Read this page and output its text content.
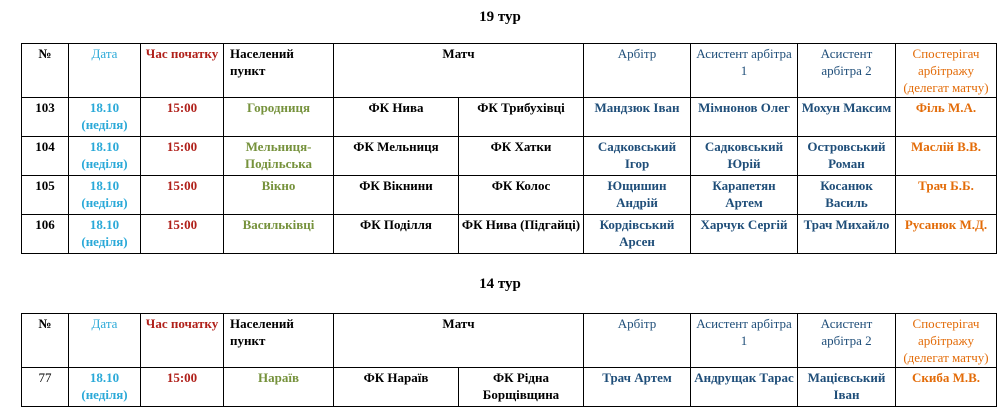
19 тур
№	Дата	Час початку	Населений пункт	Матч		Арбітр	Асистент арбітра 1	Асистент арбітра 2	Спостерігач арбітражу (делегат матчу)
103	18.10 (неділя)	15:00	Городниця	ФК Нива	ФК Трибухівці	Мандзюк Іван	Мімнонов Олег	Мохун Максим	Філь М.А.
104	18.10 (неділя)	15:00	Мельниця-Подільська	ФК Мельниця	ФК Хатки	Садковський Ігор	Садковський Юрій	Островський Роман	Маслій В.В.
105	18.10 (неділя)	15:00	Вікно	ФК Вікнини	ФК Колос	Ющишин Андрій	Карапетян Артем	Косанюк Василь	Трач Б.Б.
106	18.10 (неділя)	15:00	Васильківці	ФК Поділля	ФК Нива (Підгайці)	Кордівський Арсен	Харчук Сергій	Трач Михайло	Русанюк М.Д.
14 тур
№	Дата	Час початку	Населений пункт	Матч		Арбітр	Асистент арбітра 1	Асистент арбітра 2	Спостерігач арбітражу (делегат матчу)
77	18.10 (неділя)	15:00	Нараїв	ФК Нараїв	ФК Рідна Борщівщина	Трач Артем	Андрущак Тарас	Мацієвський Іван	Скиба М.В.
